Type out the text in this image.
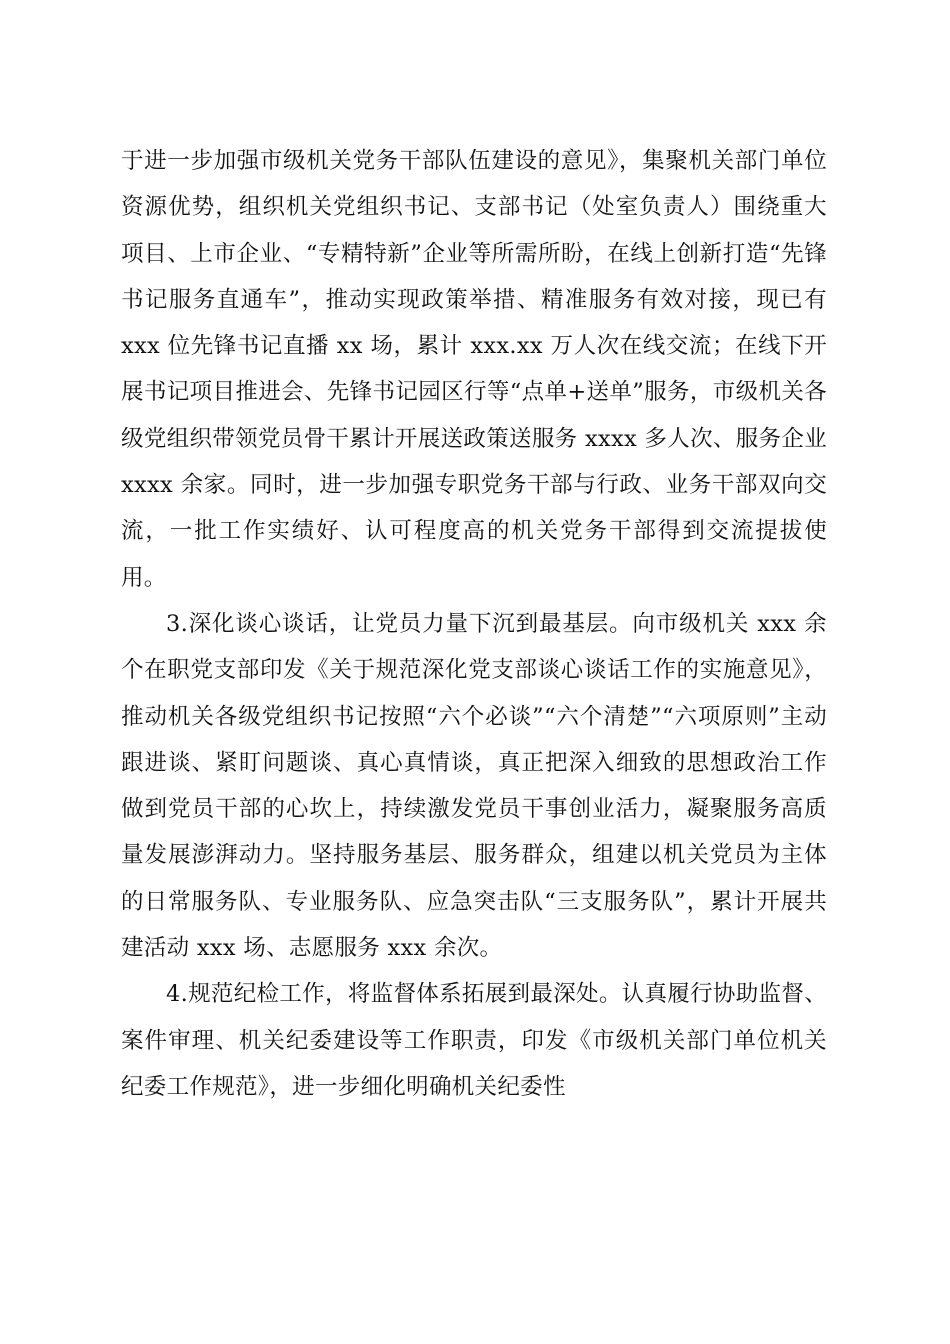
于进一步加强市级机关党务干部队伍建设的意见》，集聚机关部门单位资源优势，组织机关党组织书记、支部书记（处室负责人）围绕重大项目、上市企业、“专精特新”企业等所需所盼，在线上创新打造“先锋书记服务直通车”，推动实现政策举措、精准服务有效对接，现已有 xxx 位先锋书记直播 xx 场，累计 xxx.xx 万人次在线交流；在线下开展书记项目推进会、先锋书记园区行等“点单+送单”服务，市级机关各级党组织带领党员骨干累计开展送政策送服务 xxxx 多人次、服务企业 xxxx 余家。同时，进一步加强专职党务干部与行政、业务干部双向交流，一批工作实绩好、认可程度高的机关党务干部得到交流提拔使用。

3.深化谈心谈话，让党员力量下沉到最基层。向市级机关 xxx 余个在职党支部印发《关于规范深化党支部谈心谈话工作的实施意见》，推动机关各级党组织书记按照“六个必谈”“六个清楚”“六项原则”主动跟进谈、紧盯问题谈、真心真情谈，真正把深入细致的思想政治工作做到党员干部的心坎上，持续激发党员干事创业活力，凝聚服务高质量发展澎湃动力。坚持服务基层、服务群众，组建以机关党员为主体的日常服务队、专业服务队、应急突击队“三支服务队”，累计开展共建活动 xxx 场、志愿服务 xxx 余次。

4.规范纪检工作，将监督体系拓展到最深处。认真履行协助监督、案件审理、机关纪委建设等工作职责，印发《市级机关部门单位机关纪委工作规范》，进一步细化明确机关纪委性
